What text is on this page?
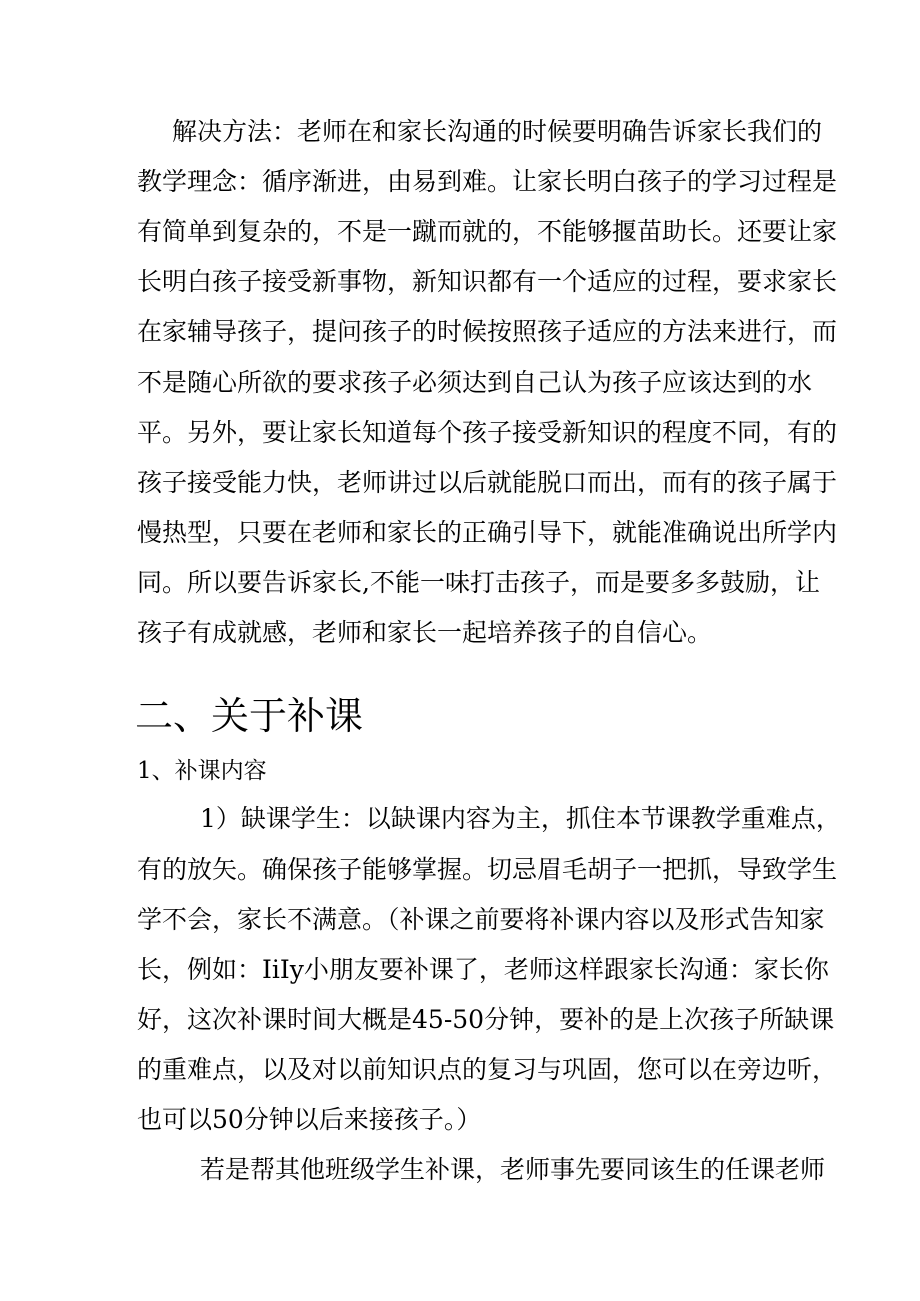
解决方法：老师在和家长沟通的时候要明确告诉家长我们的
教学理念：循序渐进，由易到难。让家长明白孩子的学习过程是
有简单到复杂的，不是一蹴而就的，不能够揠苗助长。还要让家
长明白孩子接受新事物，新知识都有一个适应的过程，要求家长
在家辅导孩子，提问孩子的时候按照孩子适应的方法来进行，而
不是随心所欲的要求孩子必须达到自己认为孩子应该达到的水
平。另外，要让家长知道每个孩子接受新知识的程度不同，有的
孩子接受能力快，老师讲过以后就能脱口而出，而有的孩子属于
慢热型，只要在老师和家长的正确引导下，就能准确说出所学内
同。所以要告诉家长,不能一味打击孩子，而是要多多鼓励，让
孩子有成就感，老师和家长一起培养孩子的自信心。
二、关于补课
1、补课内容
1）缺课学生：以缺课内容为主，抓住本节课教学重难点，
有的放矢。确保孩子能够掌握。切忌眉毛胡子一把抓，导致学生
学不会，家长不满意。（补课之前要将补课内容以及形式告知家
长，例如：IiIy小朋友要补课了，老师这样跟家长沟通：家长你
好，这次补课时间大概是45-50分钟，要补的是上次孩子所缺课
的重难点，以及对以前知识点的复习与巩固，您可以在旁边听，
也可以50分钟以后来接孩子。）
若是帮其他班级学生补课，老师事先要同该生的任课老师
